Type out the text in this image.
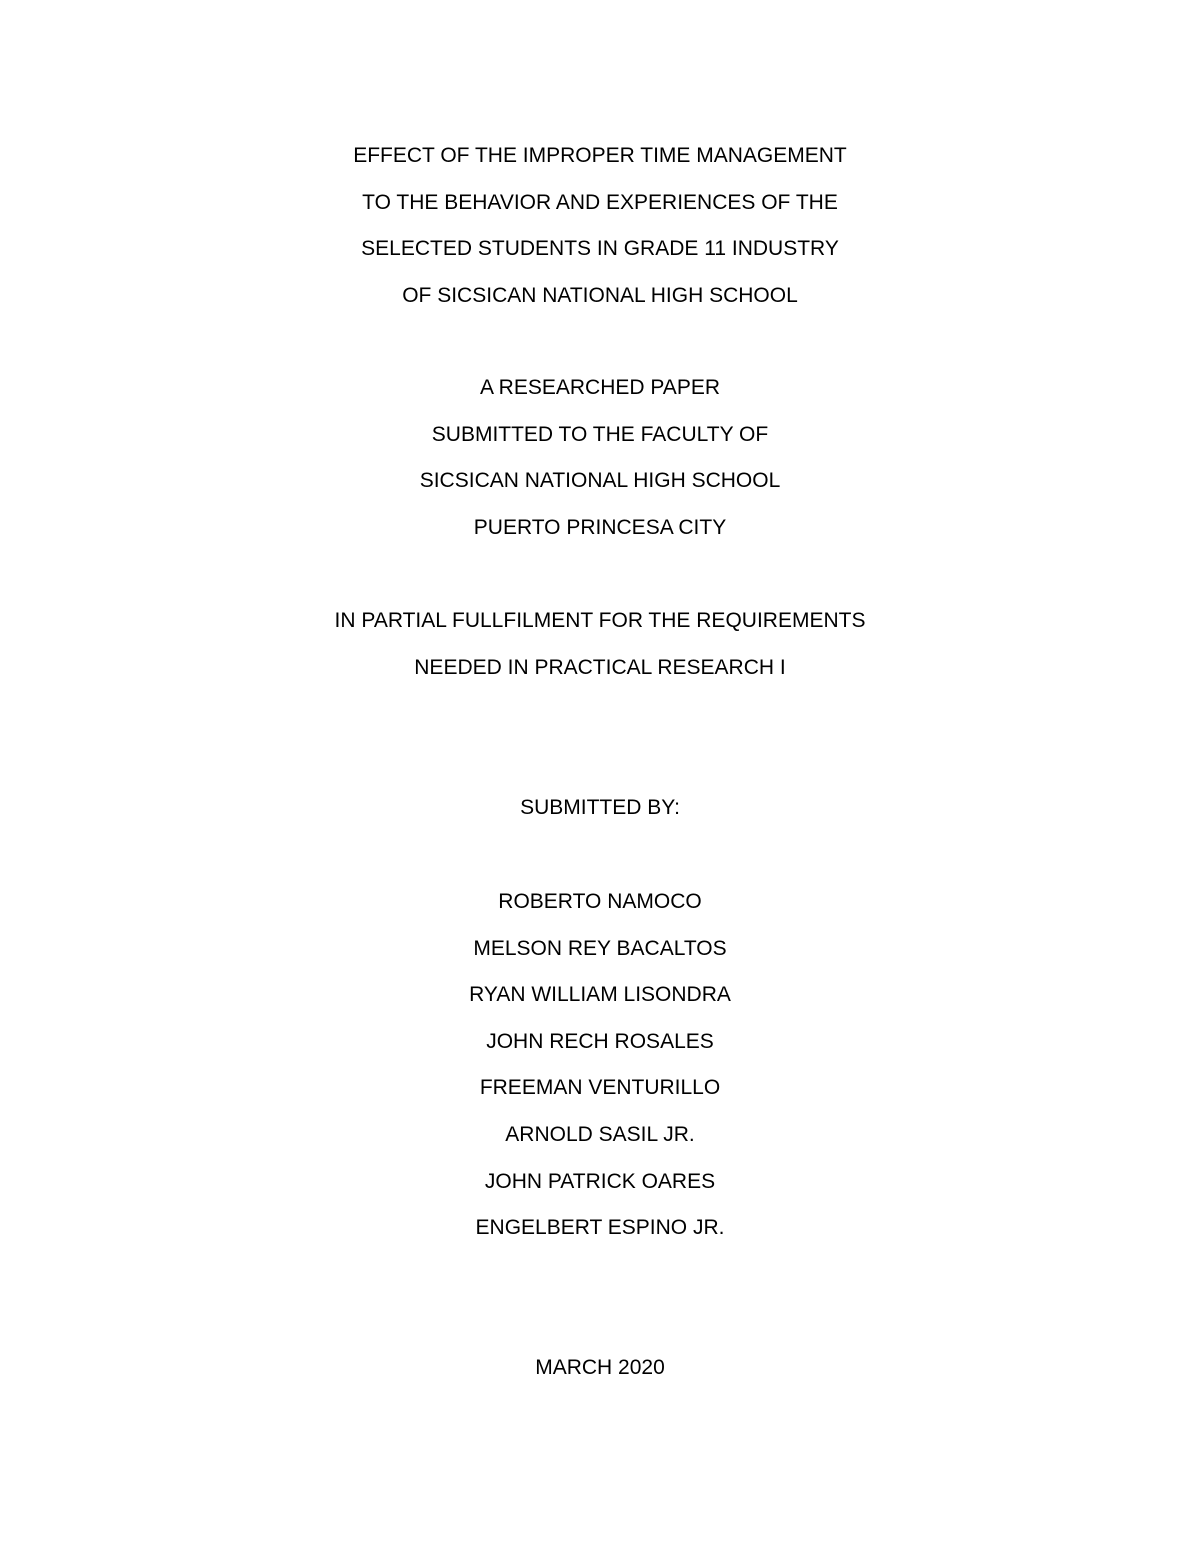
EFFECT OF THE IMPROPER TIME MANAGEMENT
TO THE BEHAVIOR AND EXPERIENCES OF THE
SELECTED STUDENTS IN GRADE 11 INDUSTRY
OF SICSICAN NATIONAL HIGH SCHOOL
A RESEARCHED PAPER
SUBMITTED TO THE FACULTY OF
SICSICAN NATIONAL HIGH SCHOOL
PUERTO PRINCESA CITY
IN PARTIAL FULLFILMENT FOR THE REQUIREMENTS
NEEDED IN PRACTICAL RESEARCH I
SUBMITTED BY:
ROBERTO NAMOCO
MELSON REY BACALTOS
RYAN WILLIAM LISONDRA
JOHN RECH ROSALES
FREEMAN VENTURILLO
ARNOLD SASIL JR.
JOHN PATRICK OARES
ENGELBERT ESPINO JR.
MARCH 2020
